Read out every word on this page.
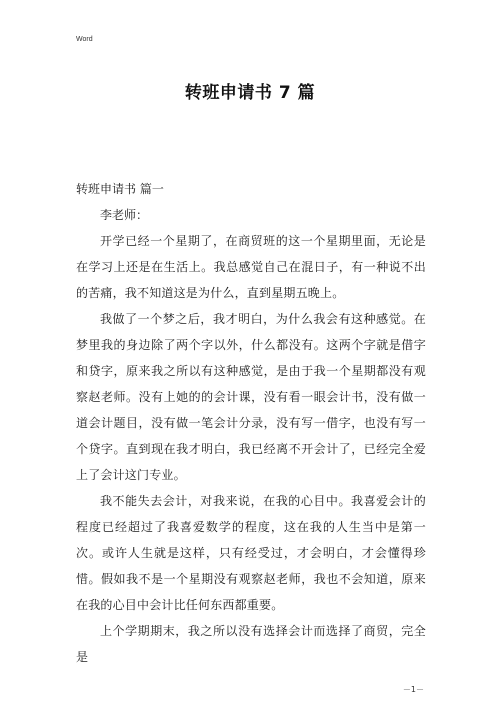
Word
转班申请书 7 篇

转班申请书 篇一

李老师：

开学已经一个星期了，在商贸班的这一个星期里面，无论是在学习上还是在生活上。我总感觉自己在混日子，有一种说不出的苦痛，我不知道这是为什么，直到星期五晚上。

我做了一个梦之后，我才明白，为什么我会有这种感觉。在梦里我的身边除了两个字以外，什么都没有。这两个字就是借字和贷字，原来我之所以有这种感觉，是由于我一个星期都没有观察赵老师。没有上她的的会计课，没有看一眼会计书，没有做一道会计题目，没有做一笔会计分录，没有写一借字，也没有写一个贷字。直到现在我才明白，我已经离不开会计了，已经完全爱上了会计这门专业。

我不能失去会计，对我来说，在我的心目中。我喜爱会计的程度已经超过了我喜爱数学的程度，这在我的人生当中是第一次。或许人生就是这样，只有经受过，才会明白，才会懂得珍惜。假如我不是一个星期没有观察赵老师，我也不会知道，原来在我的心目中会计比任何东西都重要。

上个学期期末，我之所以没有选择会计而选择了商贸，完全是

－1－
